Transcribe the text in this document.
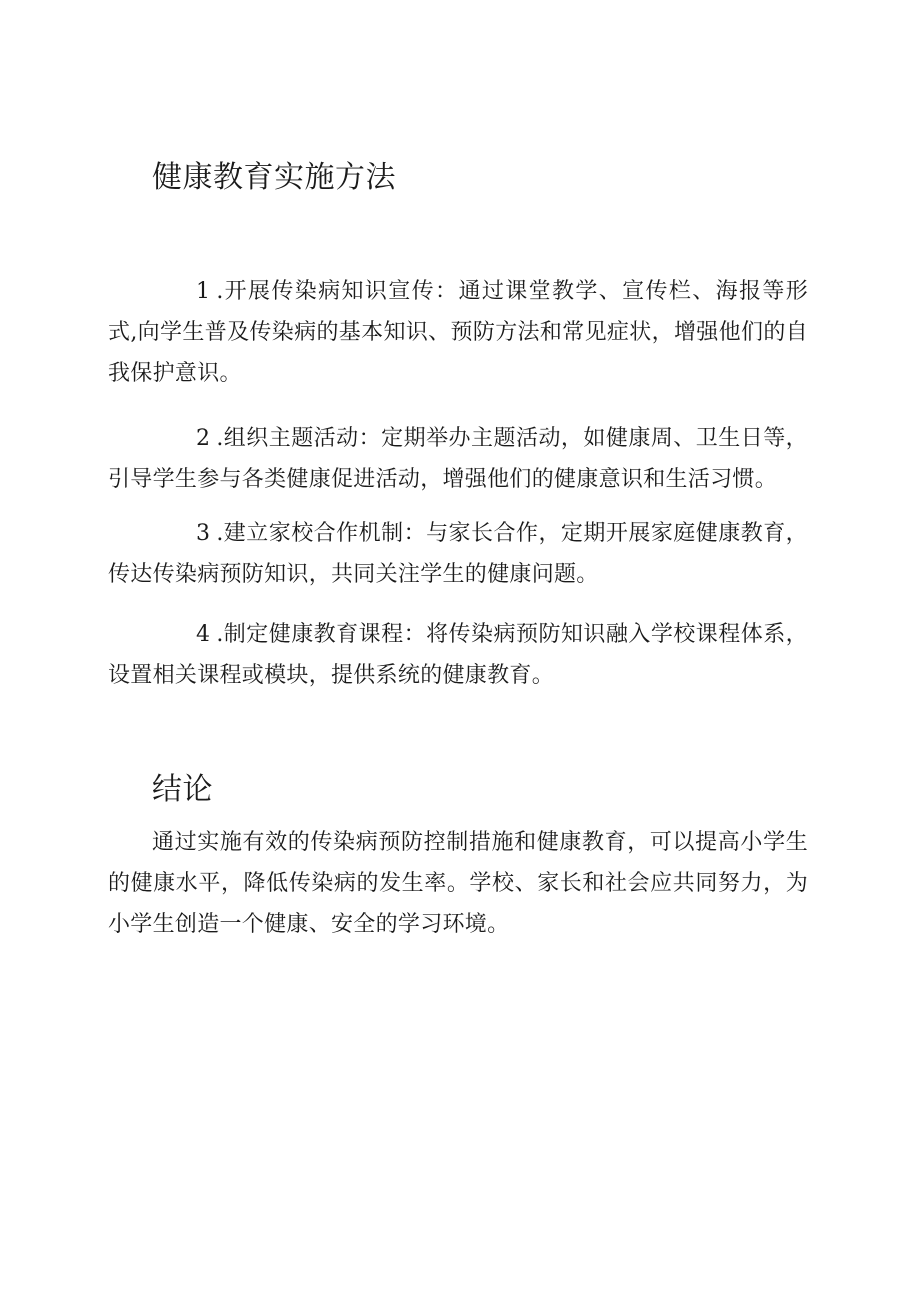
健康教育实施方法

1 .开展传染病知识宣传：通过课堂教学、宣传栏、海报等形式,向学生普及传染病的基本知识、预防方法和常见症状，增强他们的自我保护意识。

2 .组织主题活动：定期举办主题活动，如健康周、卫生日等，引导学生参与各类健康促进活动，增强他们的健康意识和生活习惯。

3 .建立家校合作机制：与家长合作，定期开展家庭健康教育，传达传染病预防知识，共同关注学生的健康问题。

4 .制定健康教育课程：将传染病预防知识融入学校课程体系，设置相关课程或模块，提供系统的健康教育。

结论

通过实施有效的传染病预防控制措施和健康教育，可以提高小学生的健康水平，降低传染病的发生率。学校、家长和社会应共同努力，为小学生创造一个健康、安全的学习环境。
